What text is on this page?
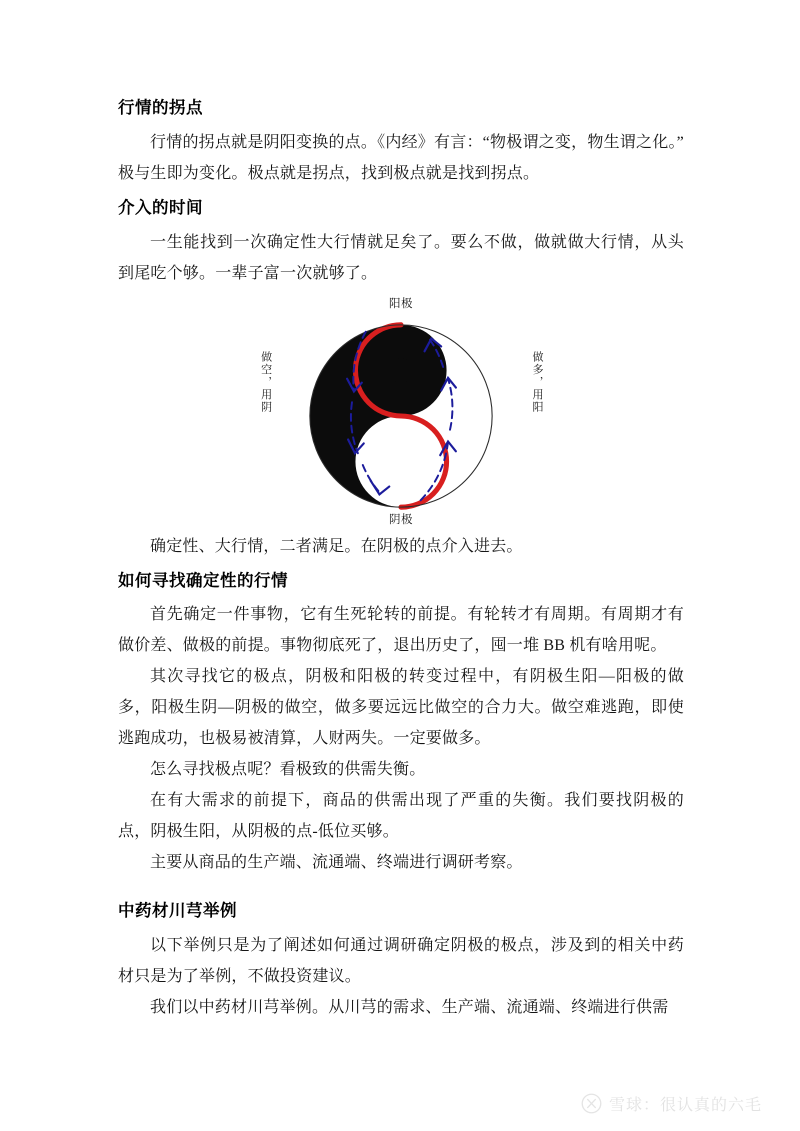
行情的拐点

行情的拐点就是阴阳变换的点。《内经》有言：“物极谓之变，物生谓之化。”极与生即为变化。极点就是拐点，找到极点就是找到拐点。

介入的时间

一生能找到一次确定性大行情就足矣了。要么不做，做就做大行情，从头到尾吃个够。一辈子富一次就够了。

阳极
做空，用阴	做多，用阳
阴极

确定性、大行情，二者满足。在阴极的点介入进去。

如何寻找确定性的行情

首先确定一件事物，它有生死轮转的前提。有轮转才有周期。有周期才有做价差、做极的前提。事物彻底死了，退出历史了，囤一堆 BB 机有啥用呢。

其次寻找它的极点，阴极和阳极的转变过程中，有阴极生阳—阳极的做多，阳极生阴—阴极的做空，做多要远远比做空的合力大。做空难逃跑，即使逃跑成功，也极易被清算，人财两失。一定要做多。

怎么寻找极点呢？看极致的供需失衡。

在有大需求的前提下，商品的供需出现了严重的失衡。我们要找阴极的点，阴极生阳，从阴极的点-低位买够。

主要从商品的生产端、流通端、终端进行调研考察。

中药材川芎举例

以下举例只是为了阐述如何通过调研确定阴极的极点，涉及到的相关中药材只是为了举例，不做投资建议。

我们以中药材川芎举例。从川芎的需求、生产端、流通端、终端进行供需

雪球：很认真的六毛
